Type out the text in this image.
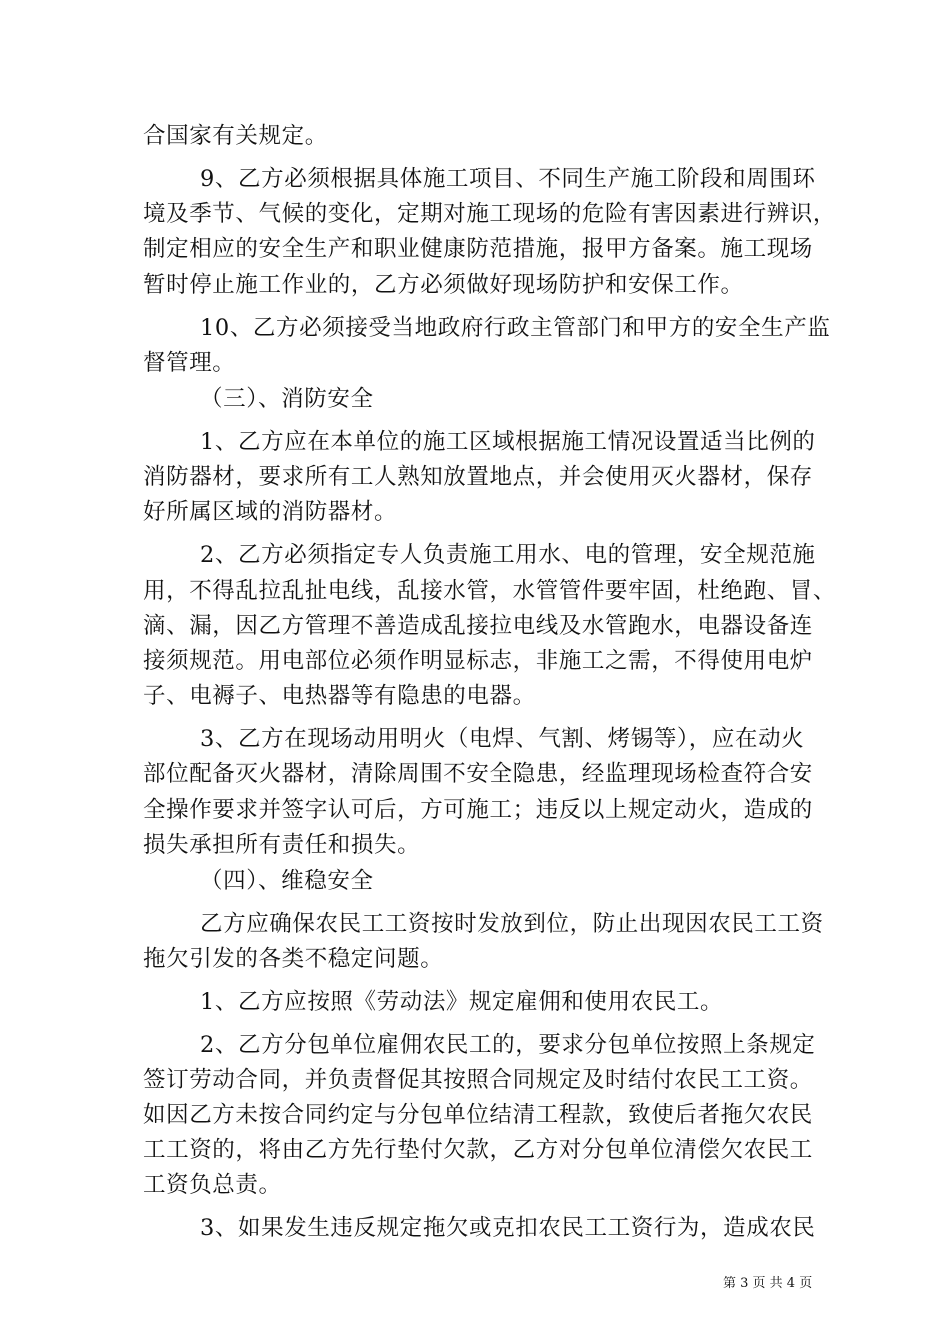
合国家有关规定。
9、乙方必须根据具体施工项目、不同生产施工阶段和周围环
境及季节、气候的变化，定期对施工现场的危险有害因素进行辨识，
制定相应的安全生产和职业健康防范措施，报甲方备案。施工现场
暂时停止施工作业的，乙方必须做好现场防护和安保工作。
10、乙方必须接受当地政府行政主管部门和甲方的安全生产监
督管理。
（三）、消防安全
1、乙方应在本单位的施工区域根据施工情况设置适当比例的
消防器材，要求所有工人熟知放置地点，并会使用灭火器材，保存
好所属区域的消防器材。
2、乙方必须指定专人负责施工用水、电的管理，安全规范施
用，不得乱拉乱扯电线，乱接水管，水管管件要牢固，杜绝跑、冒、
滴、漏，因乙方管理不善造成乱接拉电线及水管跑水，电器设备连
接须规范。用电部位必须作明显标志，非施工之需，不得使用电炉
子、电褥子、电热器等有隐患的电器。
3、乙方在现场动用明火（电焊、气割、烤锡等），应在动火
部位配备灭火器材，清除周围不安全隐患，经监理现场检查符合安
全操作要求并签字认可后，方可施工；违反以上规定动火，造成的
损失承担所有责任和损失。
（四）、维稳安全
乙方应确保农民工工资按时发放到位，防止出现因农民工工资
拖欠引发的各类不稳定问题。
1、乙方应按照《劳动法》规定雇佣和使用农民工。
2、乙方分包单位雇佣农民工的，要求分包单位按照上条规定
签订劳动合同，并负责督促其按照合同规定及时结付农民工工资。
如因乙方未按合同约定与分包单位结清工程款，致使后者拖欠农民
工工资的，将由乙方先行垫付欠款，乙方对分包单位清偿欠农民工
工资负总责。
3、如果发生违反规定拖欠或克扣农民工工资行为，造成农民
第 3 页 共 4 页
